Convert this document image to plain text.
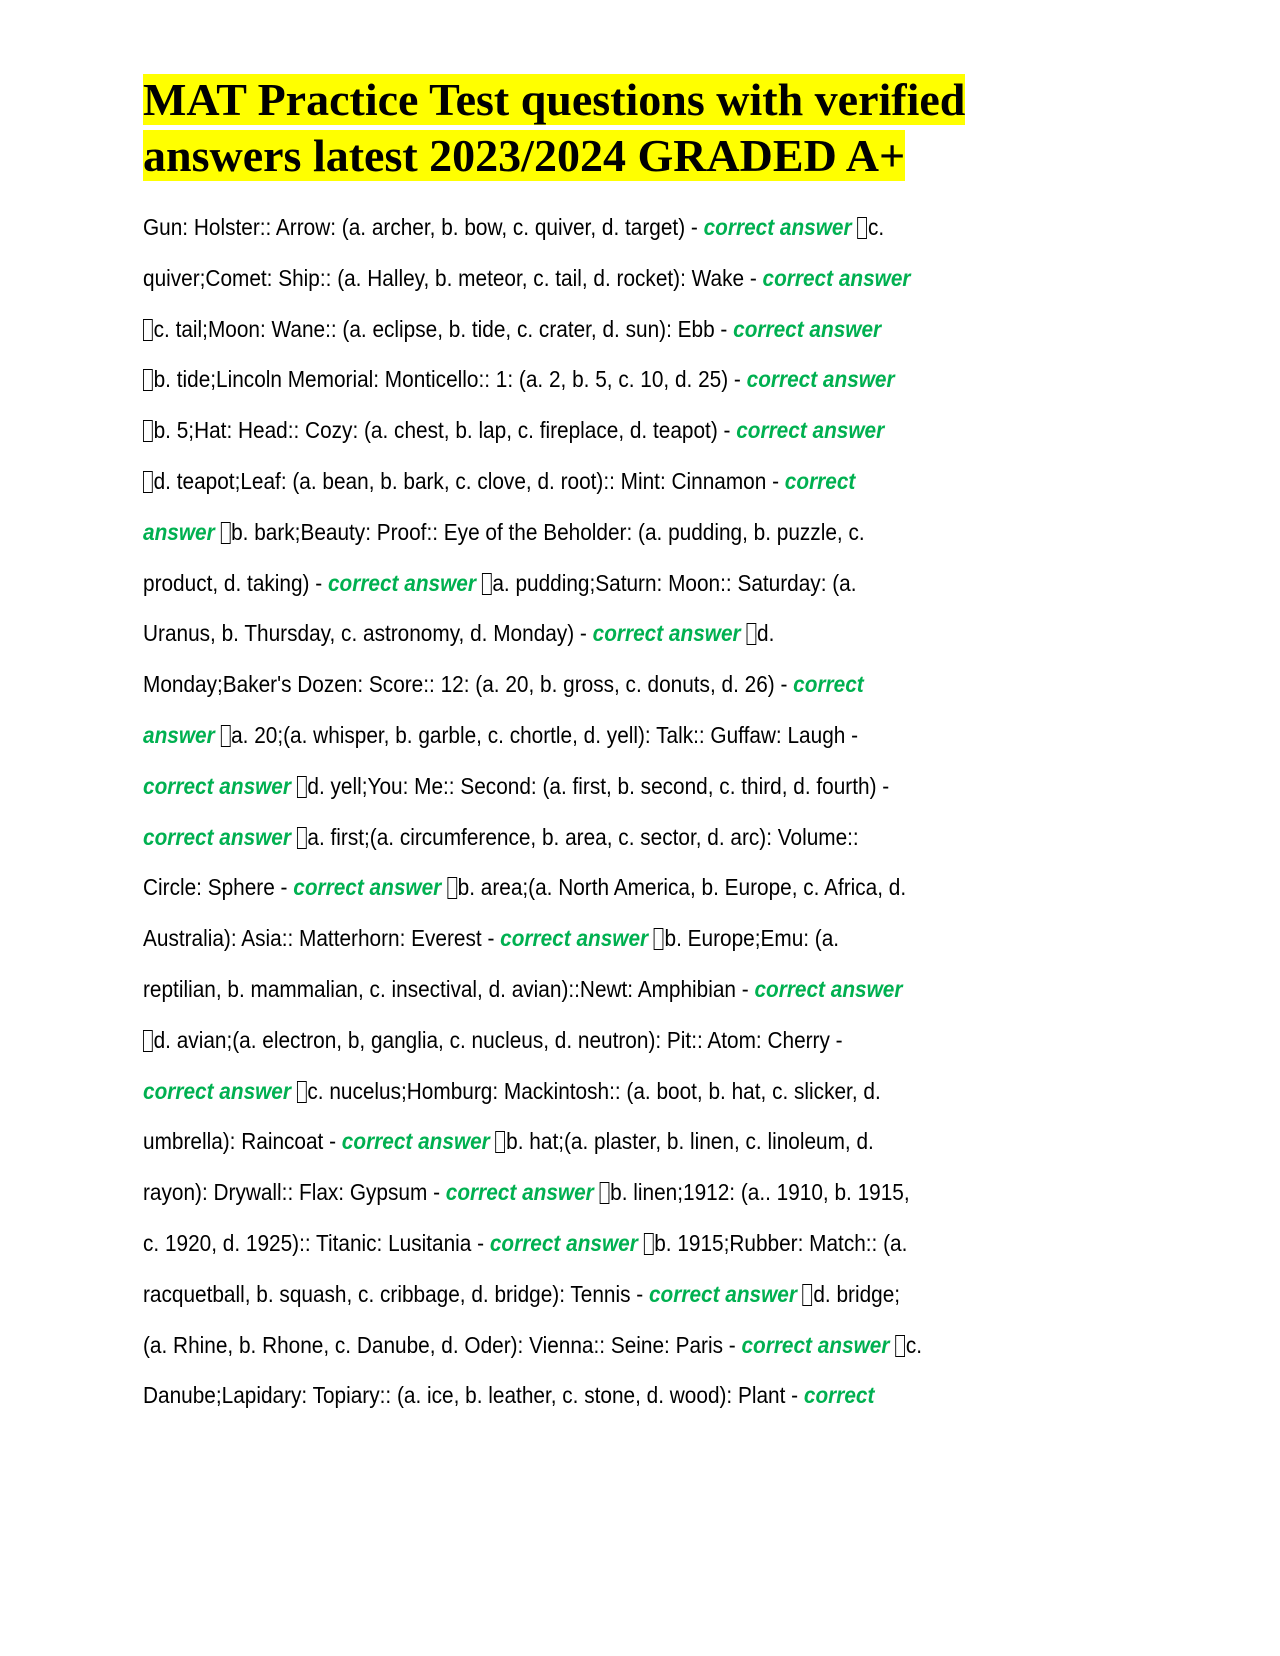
MAT Practice Test questions with verified answers latest 2023/2024 GRADED A+
Gun: Holster:: Arrow: (a. archer, b. bow, c. quiver, d. target) - correct answer c.
quiver;Comet: Ship:: (a. Halley, b. meteor, c. tail, d. rocket): Wake - correct answer
c. tail;Moon: Wane:: (a. eclipse, b. tide, c. crater, d. sun): Ebb - correct answer
b. tide;Lincoln Memorial: Monticello:: 1: (a. 2, b. 5, c. 10, d. 25) - correct answer
b. 5;Hat: Head:: Cozy: (a. chest, b. lap, c. fireplace, d. teapot) - correct answer
d. teapot;Leaf: (a. bean, b. bark, c. clove, d. root):: Mint: Cinnamon - correct
answer b. bark;Beauty: Proof:: Eye of the Beholder: (a. pudding, b. puzzle, c.
product, d. taking) - correct answer a. pudding;Saturn: Moon:: Saturday: (a.
Uranus, b. Thursday, c. astronomy, d. Monday) - correct answer d.
Monday;Baker's Dozen: Score:: 12: (a. 20, b. gross, c. donuts, d. 26) - correct
answer a. 20;(a. whisper, b. garble, c. chortle, d. yell): Talk:: Guffaw: Laugh -
correct answer d. yell;You: Me:: Second: (a. first, b. second, c. third, d. fourth) -
correct answer a. first;(a. circumference, b. area, c. sector, d. arc): Volume::
Circle: Sphere - correct answer b. area;(a. North America, b. Europe, c. Africa, d.
Australia): Asia:: Matterhorn: Everest - correct answer b. Europe;Emu: (a.
reptilian, b. mammalian, c. insectival, d. avian)::Newt: Amphibian - correct answer
d. avian;(a. electron, b, ganglia, c. nucleus, d. neutron): Pit:: Atom: Cherry -
correct answer c. nucelus;Homburg: Mackintosh:: (a. boot, b. hat, c. slicker, d.
umbrella): Raincoat - correct answer b. hat;(a. plaster, b. linen, c. linoleum, d.
rayon): Drywall:: Flax: Gypsum - correct answer b. linen;1912: (a.. 1910, b. 1915,
c. 1920, d. 1925):: Titanic: Lusitania - correct answer b. 1915;Rubber: Match:: (a.
racquetball, b. squash, c. cribbage, d. bridge): Tennis - correct answer d. bridge;
(a. Rhine, b. Rhone, c. Danube, d. Oder): Vienna:: Seine: Paris - correct answer c.
Danube;Lapidary: Topiary:: (a. ice, b. leather, c. stone, d. wood): Plant - correct
